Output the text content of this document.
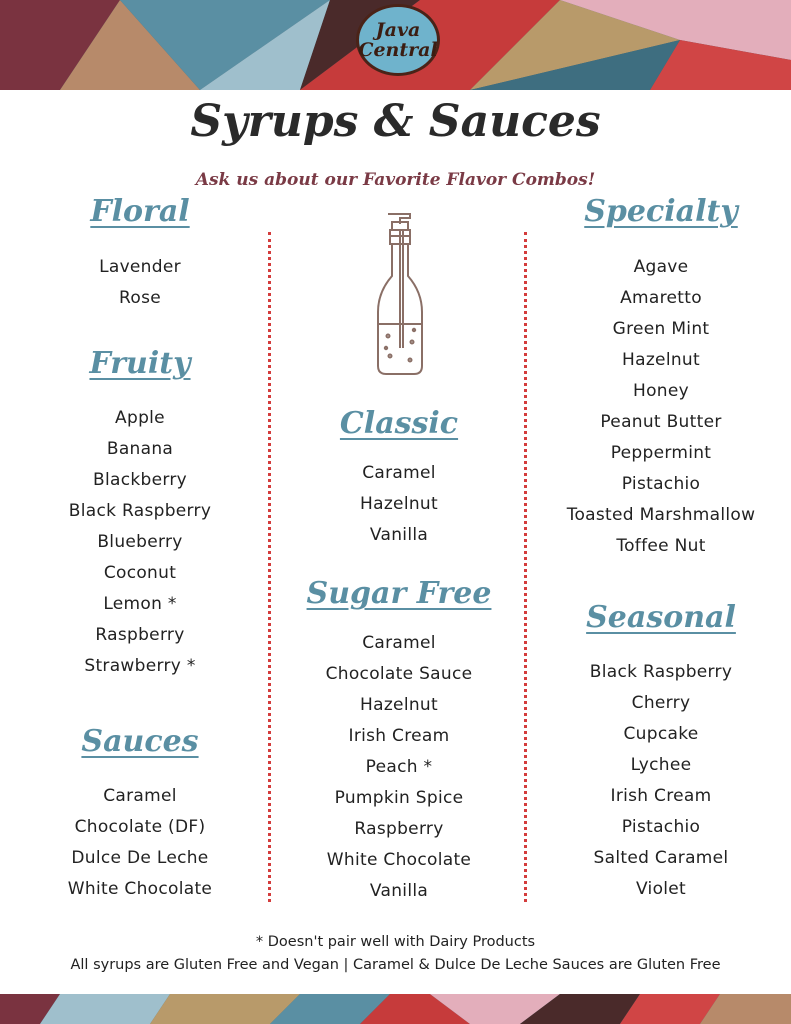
Java
Central
Syrups & Sauces

Ask us about our Favorite Flavor Combos!

Floral
Lavender
Rose
Fruity
Apple
Banana
Blackberry
Black Raspberry
Blueberry
Coconut
Lemon *
Raspberry
Strawberry *
Sauces
Caramel
Chocolate (DF)
Dulce De Leche
White Chocolate
Classic
Caramel
Hazelnut
Vanilla
Sugar Free
Caramel
Chocolate Sauce
Hazelnut
Irish Cream
Peach *
Pumpkin Spice
Raspberry
White Chocolate
Vanilla
Specialty
Agave
Amaretto
Green Mint
Hazelnut
Honey
Peanut Butter
Peppermint
Pistachio
Toasted Marshmallow
Toffee Nut
Seasonal
Black Raspberry
Cherry
Cupcake
Lychee
Irish Cream
Pistachio
Salted Caramel
Violet

* Doesn't pair well with Dairy Products

All syrups are Gluten Free and Vegan | Caramel & Dulce De Leche Sauces are Gluten Free
